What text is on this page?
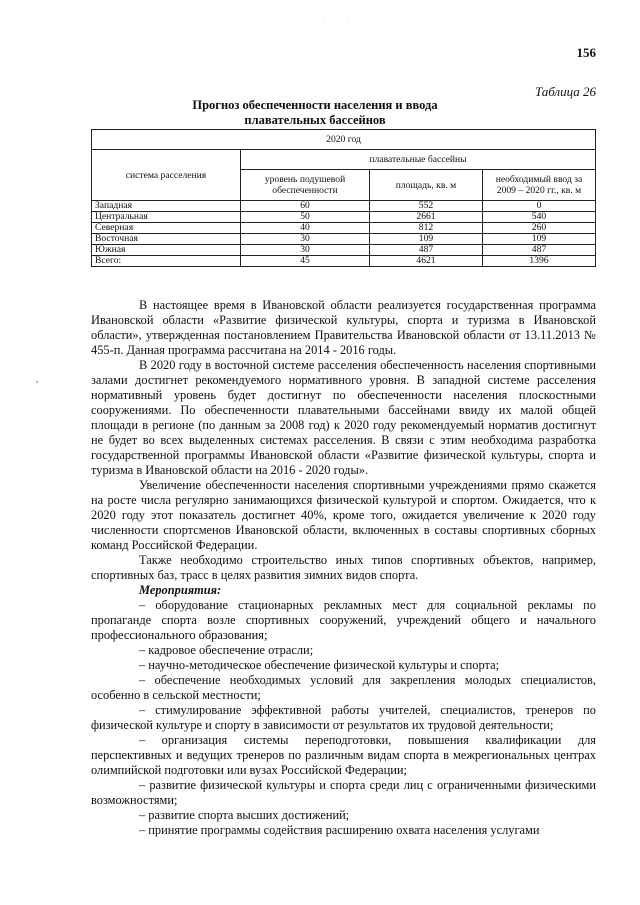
· ·
156
Таблица 26
Прогноз обеспеченности населения и ввода
плавательных бассейнов
2020 год			
система расселения	плавательные бассейны		
	уровень подушевой обеспеченности	площадь, кв. м	необходимый ввод за 2009 – 2020 гг., кв. м
Западная	60	552	0
Центральная	50	2661	540
Северная	40	812	260
Восточная	30	109	109
Южная	30	487	487
Всего:	45	4621	1396
,

В настоящее время в Ивановской области реализуется государственная программа Ивановской области «Развитие физической культуры, спорта и туризма в Ивановской области», утвержденная постановлением Правительства Ивановской области от 13.11.2013 № 455-п. Данная программа рассчитана на 2014 - 2016 годы.

В 2020 году в восточной системе расселения обеспеченность населения спортивными залами достигнет рекомендуемого нормативного уровня. В западной системе расселения нормативный уровень будет достигнут по обеспеченности населения плоскостными сооружениями. По обеспеченности плавательными бассейнами ввиду их малой общей площади в регионе (по данным за 2008 год) к 2020 году рекомендуемый норматив достигнут не будет во всех выделенных системах расселения. В связи с этим необходима разработка государственной программы Ивановской области «Развитие физической культуры, спорта и туризма в Ивановской области на 2016 - 2020 годы».

Увеличение обеспеченности населения спортивными учреждениями прямо скажется на росте числа регулярно занимающихся физической культурой и спортом. Ожидается, что к 2020 году этот показатель достигнет 40%, кроме того, ожидается увеличение к 2020 году численности спортсменов Ивановской области, включенных в составы спортивных сборных команд Российской Федерации.

Также необходимо строительство иных типов спортивных объектов, например, спортивных баз, трасс в целях развития зимних видов спорта.

Мероприятия:

– оборудование стационарных рекламных мест для социальной рекламы по пропаганде спорта возле спортивных сооружений, учреждений общего и начального профессионального образования;

– кадровое обеспечение отрасли;

– научно-методическое обеспечение физической культуры и спорта;

– обеспечение необходимых условий для закрепления молодых специалистов, особенно в сельской местности;

– стимулирование эффективной работы учителей, специалистов, тренеров по физической культуре и спорту в зависимости от результатов их трудовой деятельности;

– организация системы переподготовки, повышения квалификации для перспективных и ведущих тренеров по различным видам спорта в межрегиональных центрах олимпийской подготовки или вузах Российской Федерации;

– развитие физической культуры и спорта среди лиц с ограниченными физическими возможностями;

– развитие спорта высших достижений;

– принятие программы содействия расширению охвата населения услугами
